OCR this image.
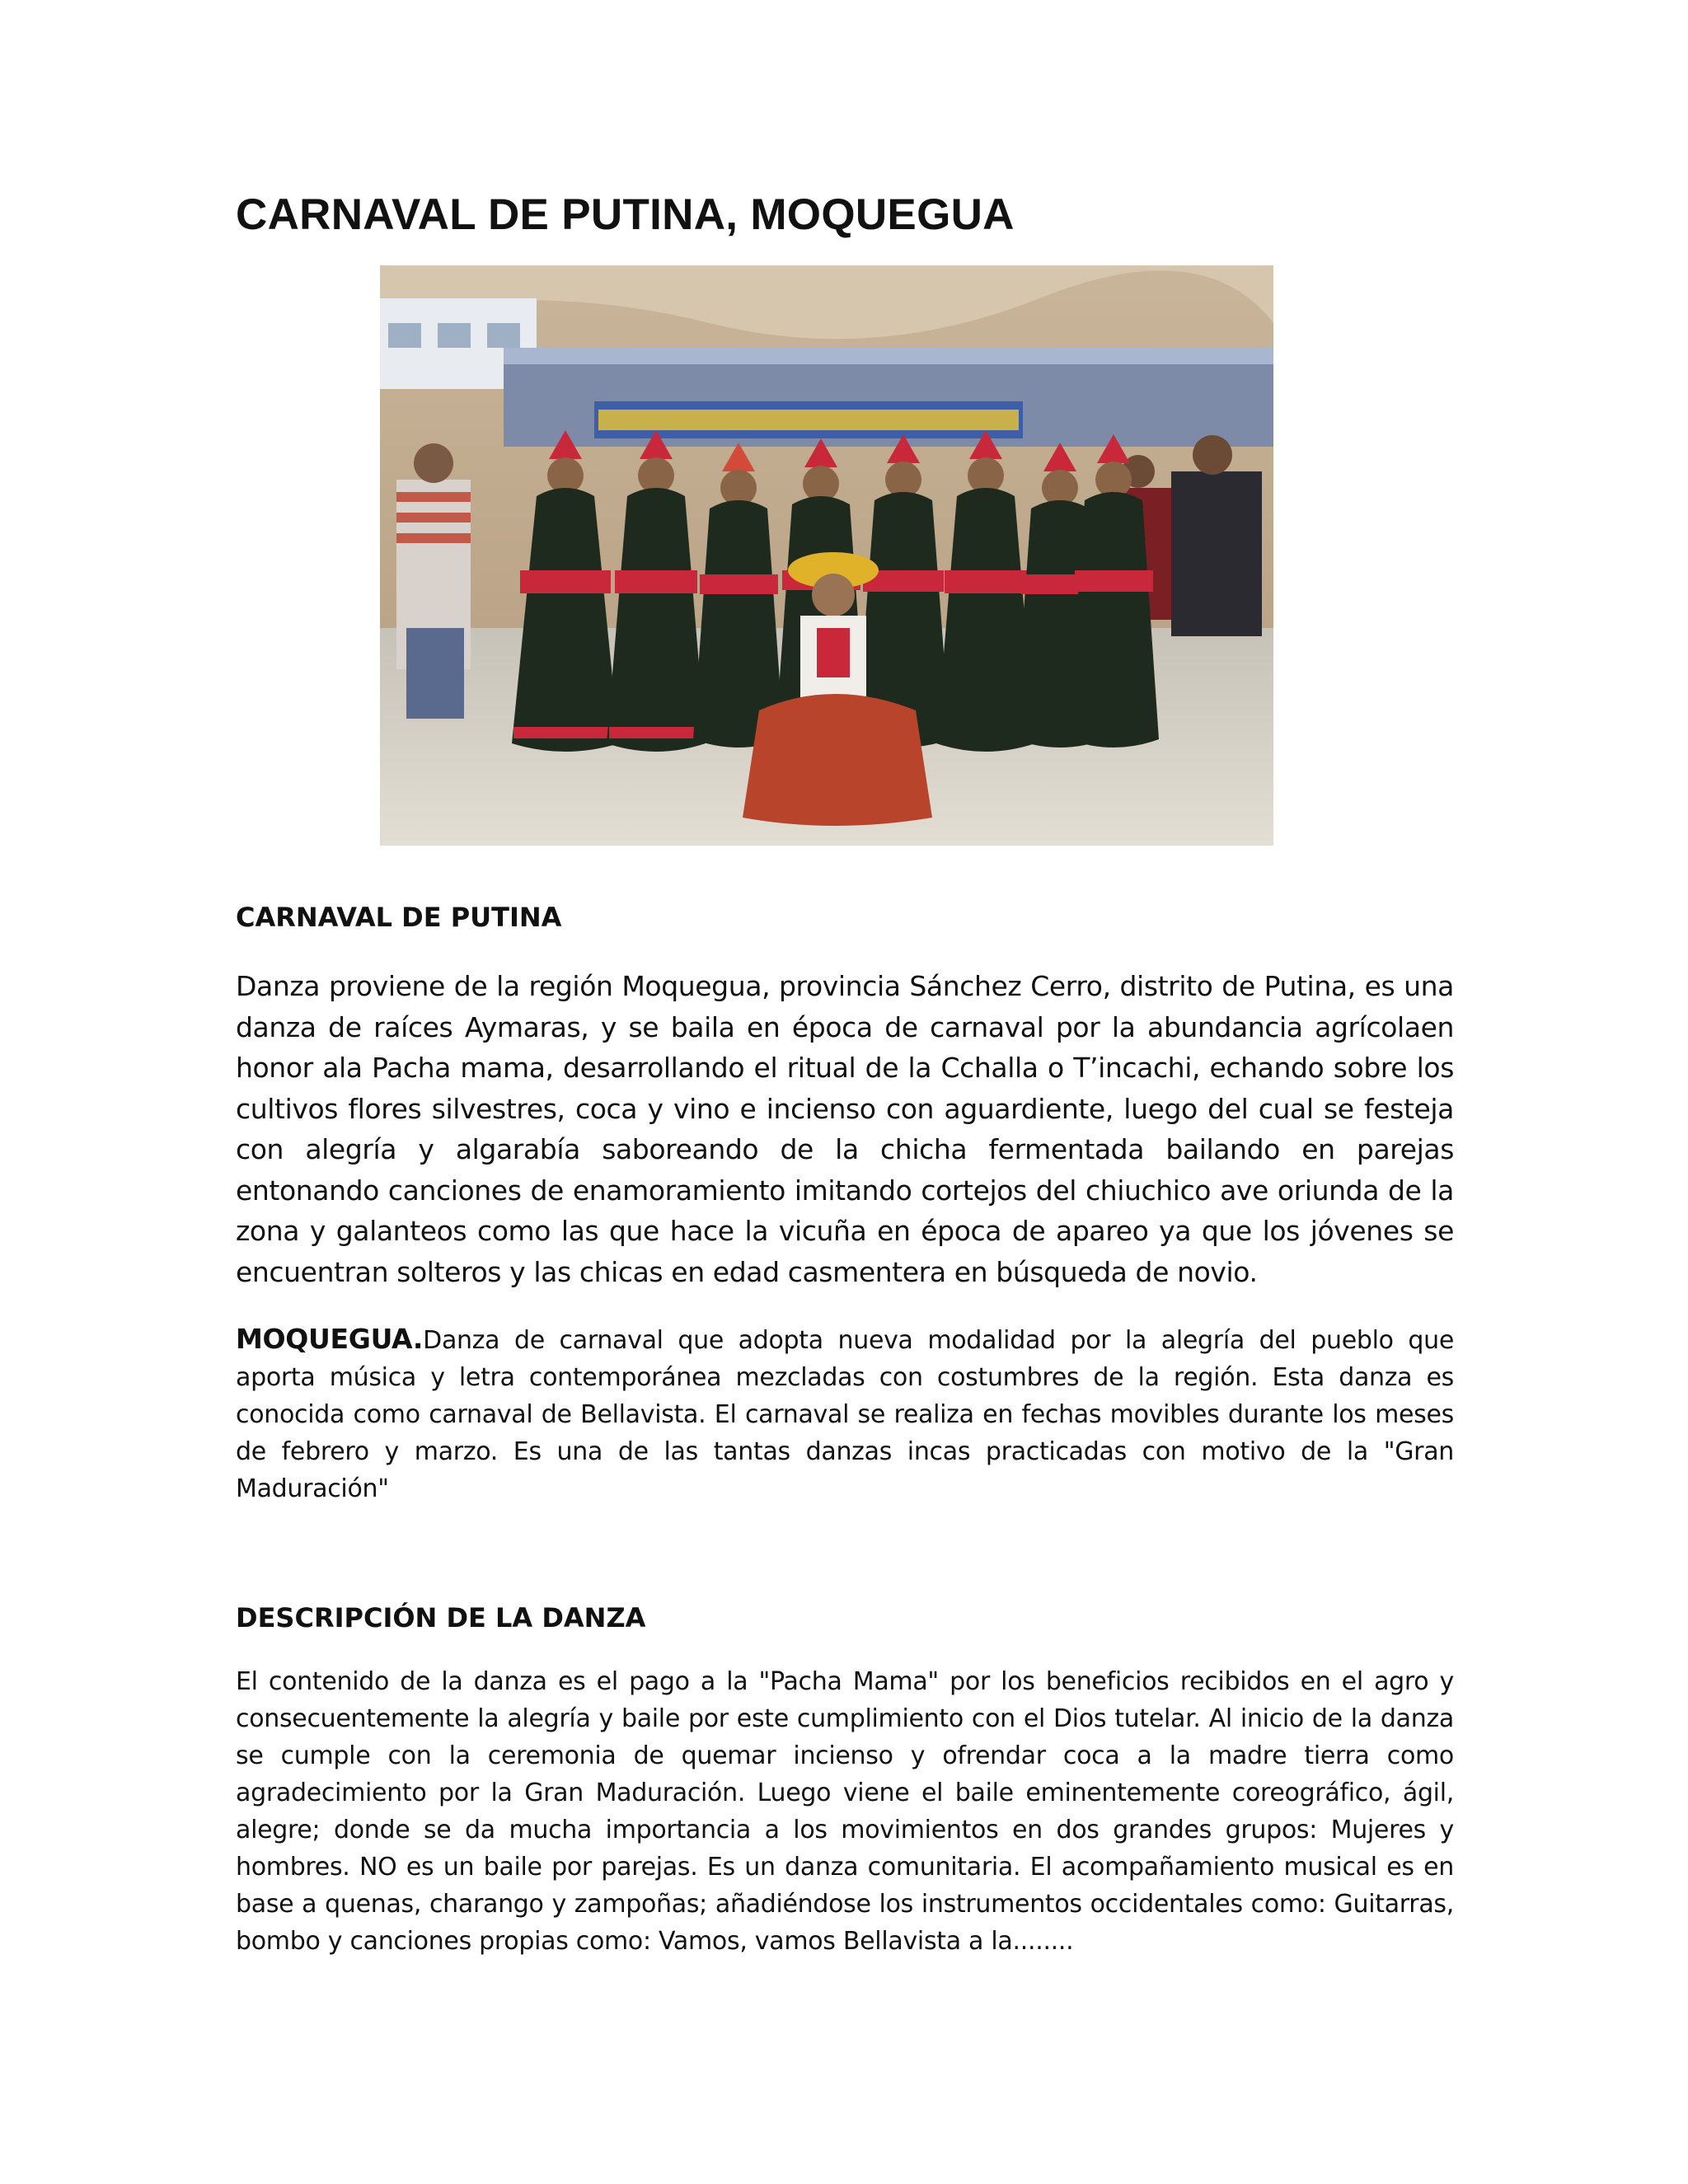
CARNAVAL DE PUTINA, MOQUEGUA
CARNAVAL DE PUTINA

Danza proviene de la región Moquegua, provincia Sánchez Cerro, distrito de Putina, es una danza de raíces Aymaras, y se baila en época de carnaval por la abundancia agrícolaen honor ala Pacha mama, desarrollando el ritual de la Cchalla o T’incachi, echando sobre los cultivos flores silvestres, coca y vino e incienso con aguardiente, luego del cual se festeja con alegría y algarabía saboreando de la chicha fermentada bailando en parejas entonando canciones de enamoramiento imitando cortejos del chiuchico ave oriunda de la zona y galanteos como las que hace la vicuña en época de apareo ya que los jóvenes se encuentran solteros y las chicas en edad casmentera en búsqueda de novio.

MOQUEGUA.Danza de carnaval que adopta nueva modalidad por la alegría del pueblo que aporta música y letra contemporánea mezcladas con costumbres de la región. Esta danza es conocida como carnaval de Bellavista. El carnaval se realiza en fechas movibles durante los meses de febrero y marzo. Es una de las tantas danzas incas practicadas con motivo de la "Gran Maduración"

DESCRIPCIÓN DE LA DANZA

El contenido de la danza es el pago a la "Pacha Mama" por los beneficios recibidos en el agro y consecuentemente la alegría y baile por este cumplimiento con el Dios tutelar. Al inicio de la danza se cumple con la ceremonia de quemar incienso y ofrendar coca a la madre tierra como agradecimiento por la Gran Maduración. Luego viene el baile eminentemente coreográfico, ágil, alegre; donde se da mucha importancia a los movimientos en dos grandes grupos: Mujeres y hombres. NO es un baile por parejas. Es un danza comunitaria. El acompañamiento musical es en base a quenas, charango y zampoñas; añadiéndose los instrumentos occidentales como: Guitarras, bombo y canciones propias como: Vamos, vamos Bellavista a la........
